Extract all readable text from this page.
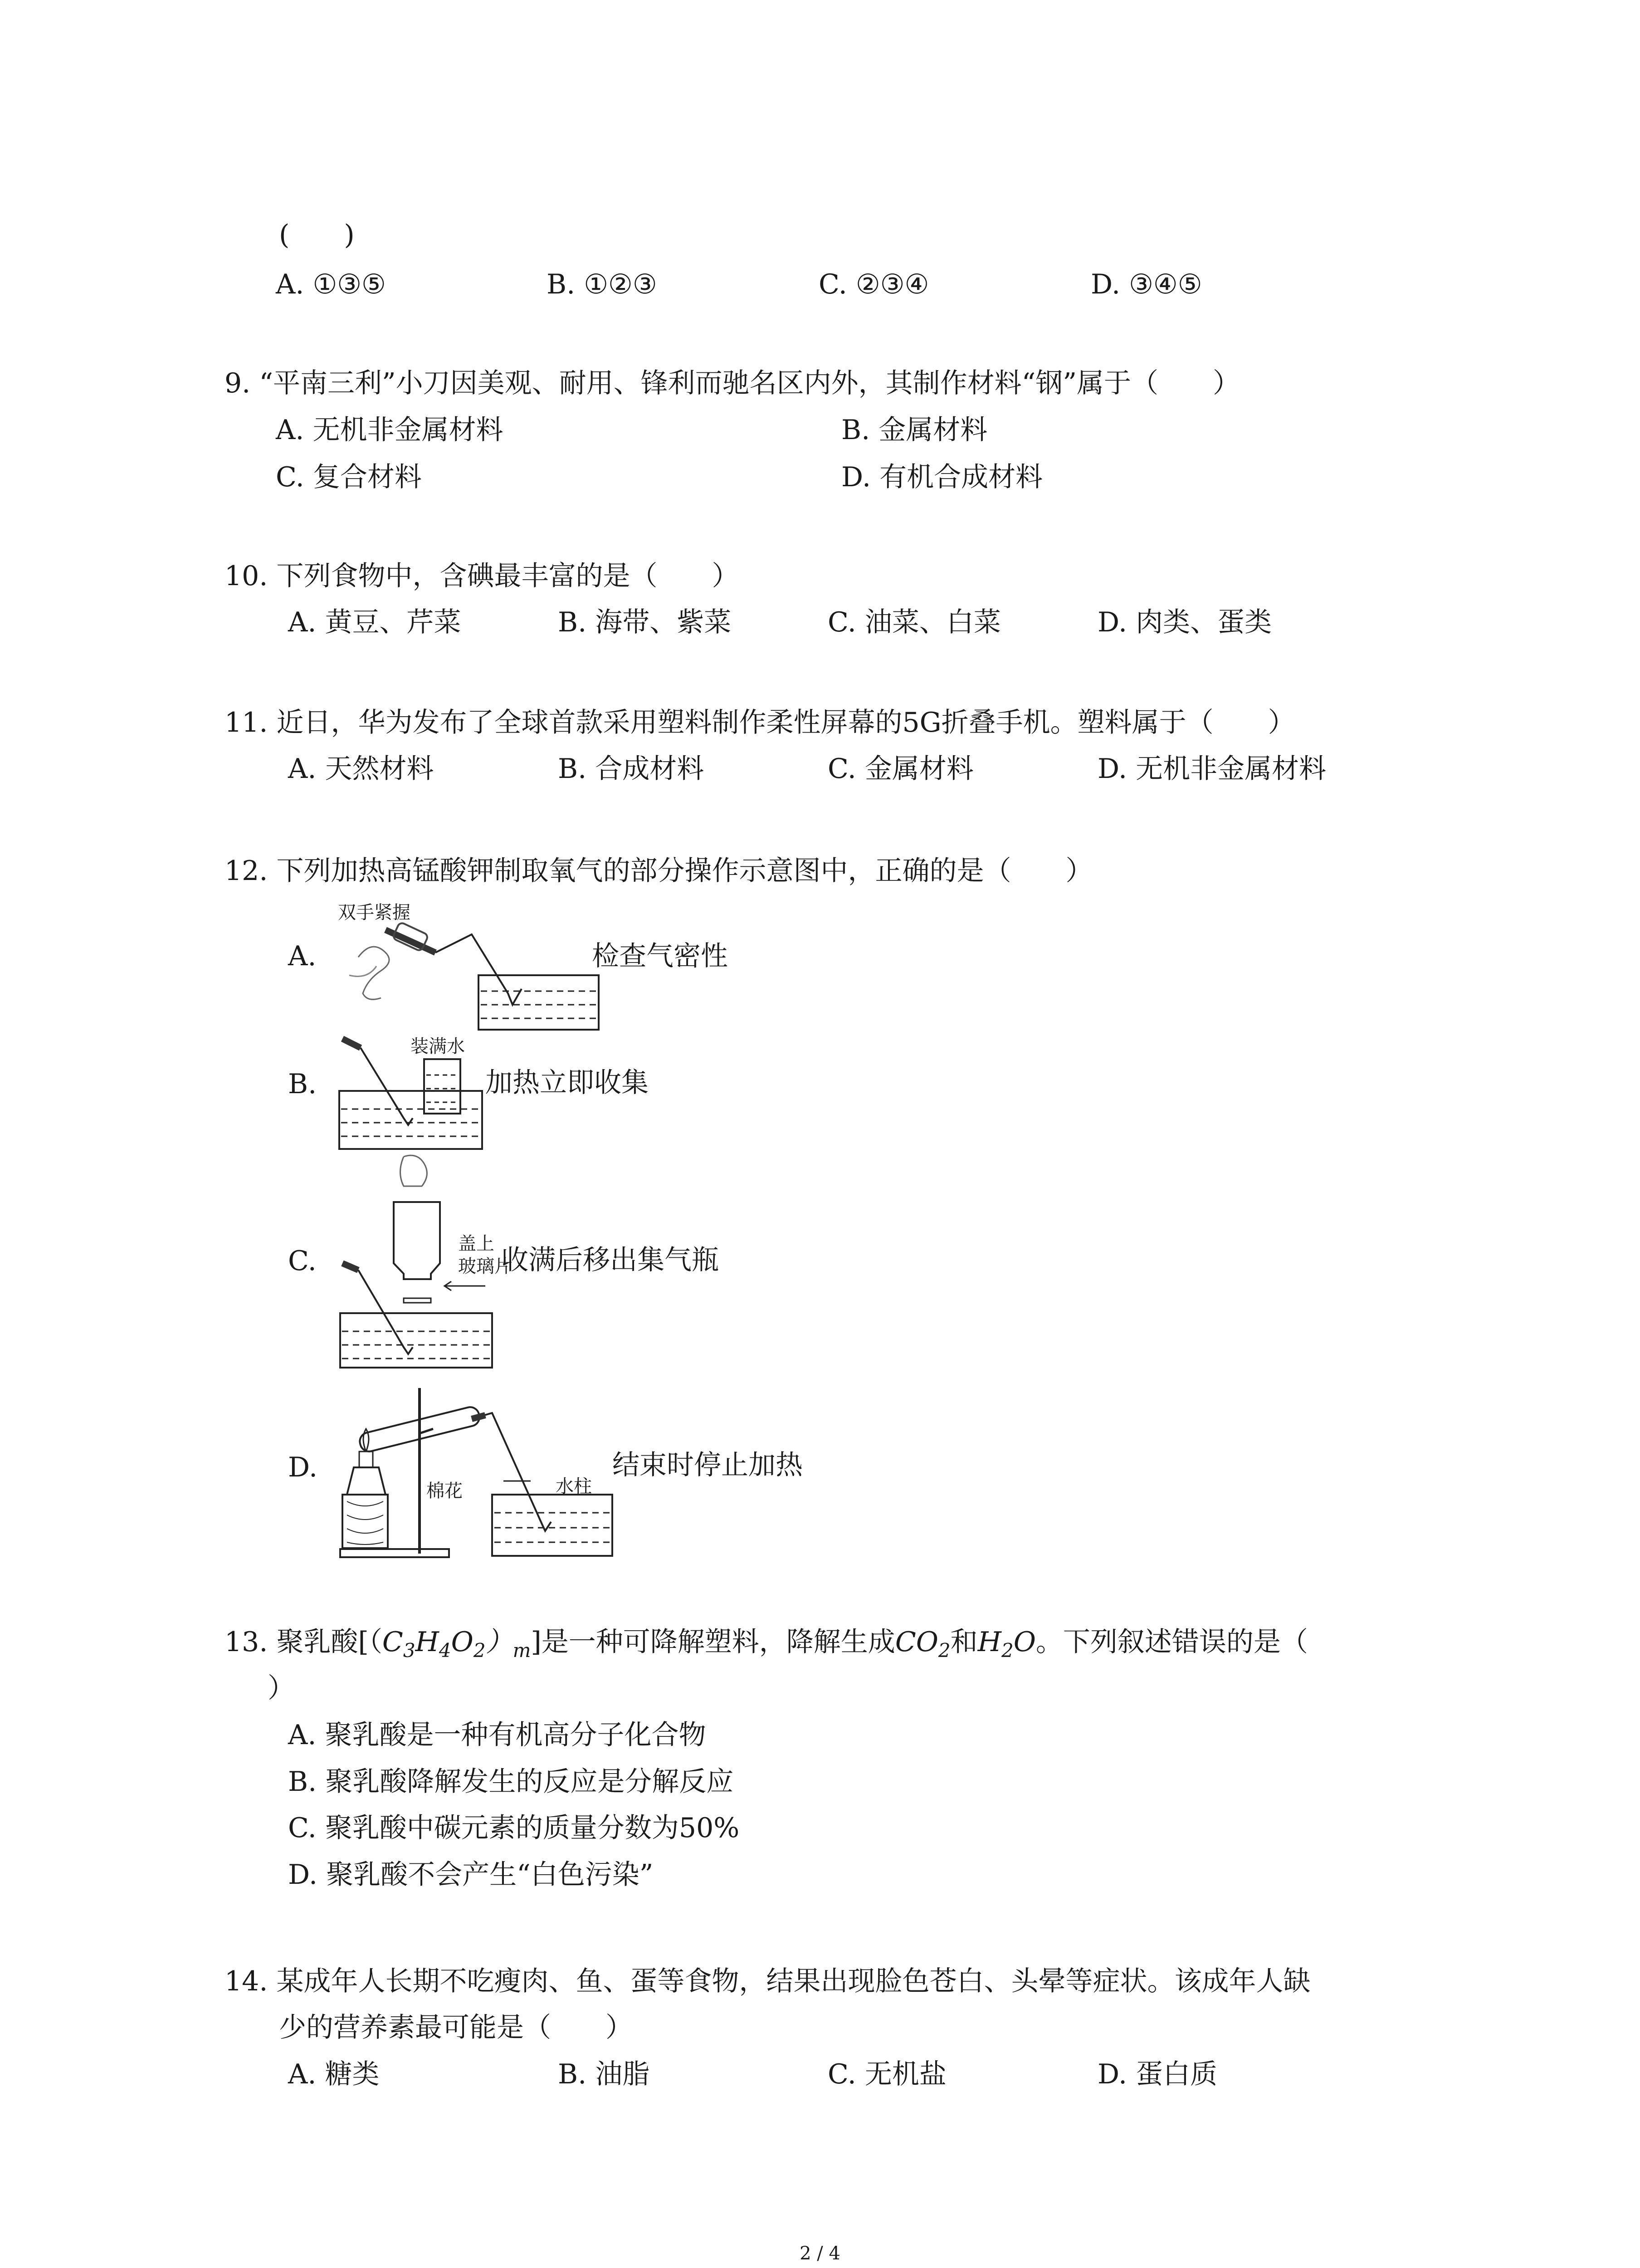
(　　)
A. ①③⑤	B. ①②③	C. ②③④	D. ③④⑤
9. “平南三利”小刀因美观、耐用、锋利而驰名区内外，其制作材料“钢”属于（　　）
A. 无机非金属材料	B. 金属材料
C. 复合材料	D. 有机合成材料
10. 下列食物中，含碘最丰富的是（　　）
A. 黄豆、芹菜	B. 海带、紫菜	C. 油菜、白菜	D. 肉类、蛋类
11. 近日，华为发布了全球首款采用塑料制作柔性屏幕的5G折叠手机。塑料属于（　　）
A. 天然材料	B. 合成材料	C. 金属材料	D. 无机非金属材料
12. 下列加热高锰酸钾制取氧气的部分操作示意图中，正确的是（　　）
A.
双手紧握
检查气密性
B.
装满水
加热立即收集
C.
盖上
玻璃片
收满后移出集气瓶
D.
棉花	水柱
结束时停止加热
13. 聚乳酸$[(C_3H_4O_2)_m]$是一种可降解塑料，降解生成$CO_2$和$H_2O$。下列叙述错误的是（
）
A. 聚乳酸是一种有机高分子化合物
B. 聚乳酸降解发生的反应是分解反应
C. 聚乳酸中碳元素的质量分数为50%
D. 聚乳酸不会产生“白色污染”
14. 某成年人长期不吃瘦肉、鱼、蛋等食物，结果出现脸色苍白、头晕等症状。该成年人缺
少的营养素最可能是（　　）
A. 糖类	B. 油脂	C. 无机盐	D. 蛋白质
2 / 4
